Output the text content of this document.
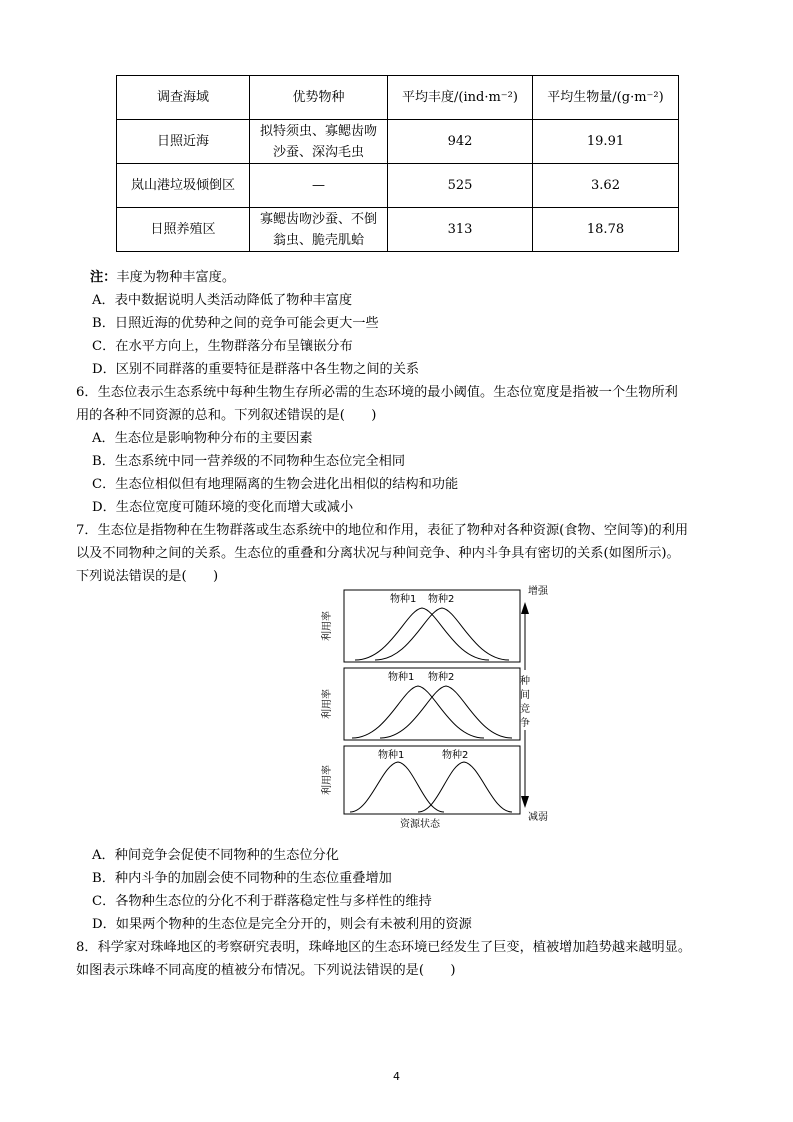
调查海域	优势物种	平均丰度/(ind·m⁻²)	平均生物量/(g·m⁻²)
日照近海	拟特须虫、寡鳃齿吻沙蚕、深沟毛虫	942	19.91
岚山港垃圾倾倒区	—	525	3.62
日照养殖区	寡鳃齿吻沙蚕、不倒翁虫、脆壳肌蛤	313	18.78
注：丰度为物种丰富度。
A．表中数据说明人类活动降低了物种丰富度
B．日照近海的优势种之间的竞争可能会更大一些
C．在水平方向上，生物群落分布呈镶嵌分布
D．区别不同群落的重要特征是群落中各生物之间的关系
6．生态位表示生态系统中每种生物生存所必需的生态环境的最小阈值。生态位宽度是指被一个生物所利
用的各种不同资源的总和。下列叙述错误的是(　　)
A．生态位是影响物种分布的主要因素
B．生态系统中同一营养级的不同物种生态位完全相同
C．生态位相似但有地理隔离的生物会进化出相似的结构和功能
D．生态位宽度可随环境的变化而增大或减小
7．生态位是指物种在生物群落或生态系统中的地位和作用，表征了物种对各种资源(食物、空间等)的利用
以及不同物种之间的关系。生态位的重叠和分离状况与种间竞争、种内斗争具有密切的关系(如图所示)。
下列说法错误的是(　　)
物种1 物种2
利用率
物种1 物种2
利用率
物种1	物种2
利用率
资源状态
增强
减弱
种
间
竞
争
A．种间竞争会促使不同物种的生态位分化
B．种内斗争的加剧会使不同物种的生态位重叠增加
C．各物种生态位的分化不利于群落稳定性与多样性的维持
D．如果两个物种的生态位是完全分开的，则会有未被利用的资源
8．科学家对珠峰地区的考察研究表明，珠峰地区的生态环境已经发生了巨变，植被增加趋势越来越明显。
如图表示珠峰不同高度的植被分布情况。下列说法错误的是(　　)
4
